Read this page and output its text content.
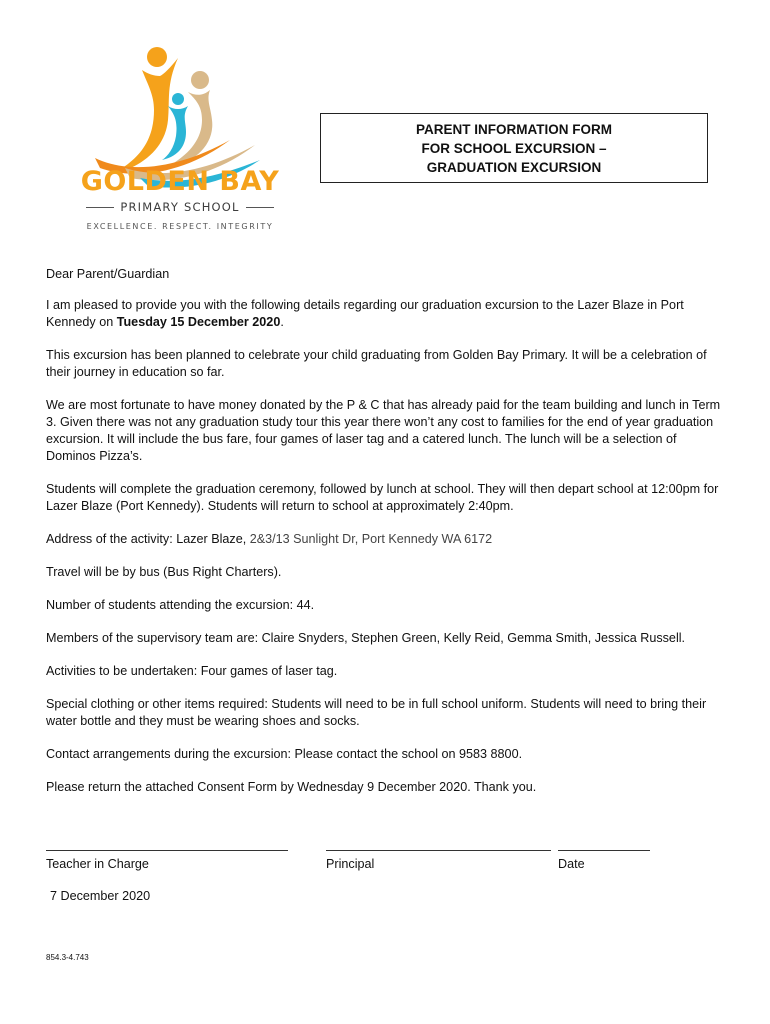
GOLDEN BAY
PRIMARY SCHOOL
EXCELLENCE. RESPECT. INTEGRITY
PARENT INFORMATION FORM
FOR SCHOOL EXCURSION –
GRADUATION EXCURSION

Dear Parent/Guardian

I am pleased to provide you with the following details regarding our graduation excursion to the Lazer Blaze in Port Kennedy on Tuesday 15 December 2020.

This excursion has been planned to celebrate your child graduating from Golden Bay Primary. It will be a celebration of their journey in education so far.

We are most fortunate to have money donated by the P & C that has already paid for the team building and lunch in Term 3. Given there was not any graduation study tour this year there won’t any cost to families for the end of year graduation excursion. It will include the bus fare, four games of laser tag and a catered lunch. The lunch will be a selection of Dominos Pizza’s.

Students will complete the graduation ceremony, followed by lunch at school. They will then depart school at 12:00pm for Lazer Blaze (Port Kennedy). Students will return to school at approximately 2:40pm.

Address of the activity: Lazer Blaze, 2&3/13 Sunlight Dr, Port Kennedy WA 6172

Travel will be by bus (Bus Right Charters).

Number of students attending the excursion: 44.

Members of the supervisory team are: Claire Snyders, Stephen Green, Kelly Reid, Gemma Smith, Jessica Russell.

Activities to be undertaken: Four games of laser tag.

Special clothing or other items required: Students will need to be in full school uniform. Students will need to bring their water bottle and they must be wearing shoes and socks.

Contact arrangements during the excursion: Please contact the school on 9583 8800.

Please return the attached Consent Form by Wednesday 9 December 2020. Thank you.

Teacher in Charge	Principal	Date
7 December 2020
854.3-4.743
